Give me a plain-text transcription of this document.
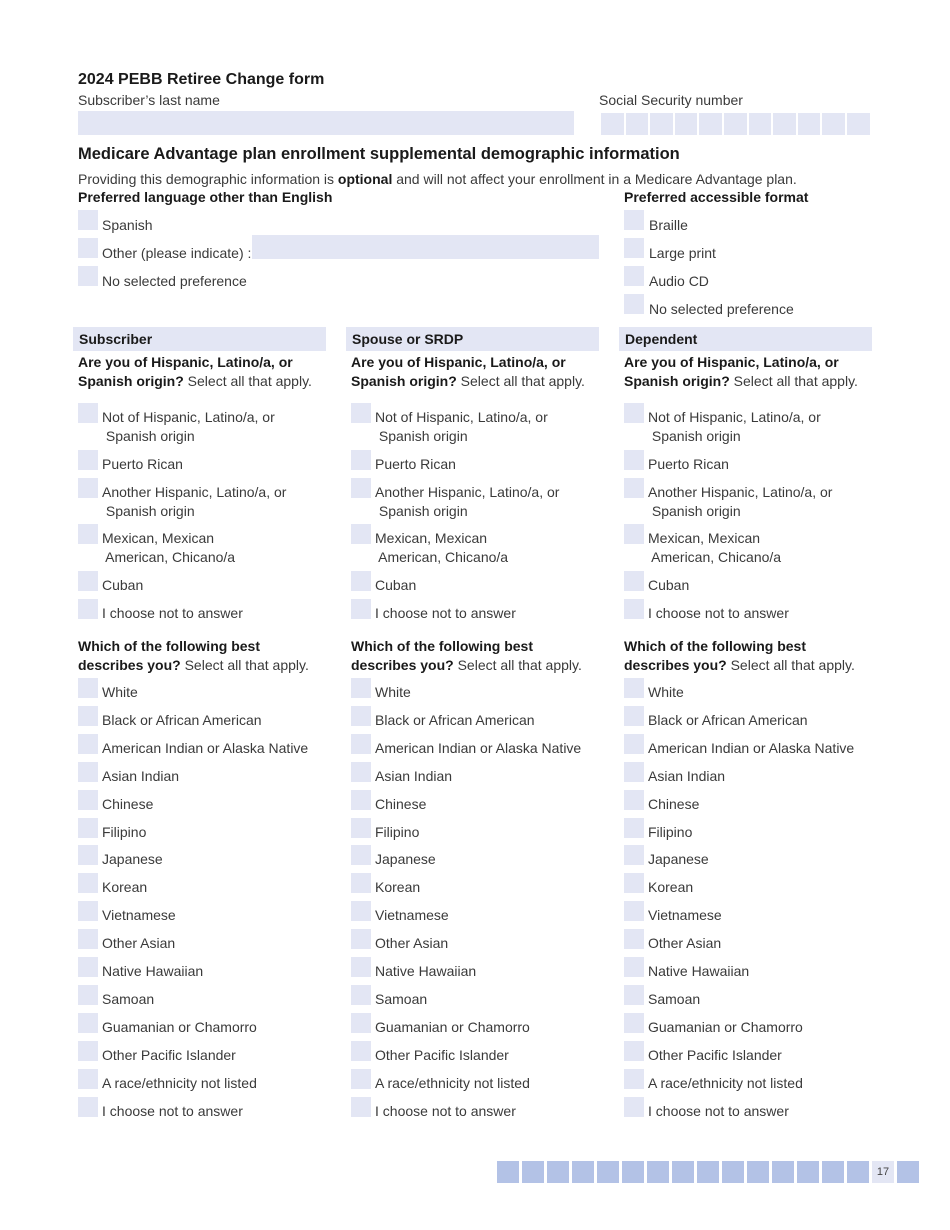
2024 PEBB Retiree Change form
Subscriber’s last name	Social Security number
Medicare Advantage plan enrollment supplemental demographic information
Providing this demographic information is optional and will not affect your enrollment in a Medicare Advantage plan.
Preferred language other than English	Preferred accessible format
Spanish
Other (please indicate) :
No selected preference
Braille
Large print
Audio CD
No selected preference
Subscriber
Are you of Hispanic, Latino/a, or Spanish origin? Select all that apply.
Not of Hispanic, Latino/a, or
Spanish origin
Puerto Rican
Another Hispanic, Latino/a, or
Spanish origin
Mexican, Mexican
American, Chicano/a
Cuban
I choose not to answer
Which of the following best describes you? Select all that apply.
White
Black or African American
American Indian or Alaska Native
Asian Indian
Chinese
Filipino
Japanese
Korean
Vietnamese
Other Asian
Native Hawaiian
Samoan
Guamanian or Chamorro
Other Pacific Islander
A race/ethnicity not listed
I choose not to answer
Spouse or SRDP
Are you of Hispanic, Latino/a, or Spanish origin? Select all that apply.
Not of Hispanic, Latino/a, or
Spanish origin
Puerto Rican
Another Hispanic, Latino/a, or
Spanish origin
Mexican, Mexican
American, Chicano/a
Cuban
I choose not to answer
Which of the following best describes you? Select all that apply.
White
Black or African American
American Indian or Alaska Native
Asian Indian
Chinese
Filipino
Japanese
Korean
Vietnamese
Other Asian
Native Hawaiian
Samoan
Guamanian or Chamorro
Other Pacific Islander
A race/ethnicity not listed
I choose not to answer
Dependent
Are you of Hispanic, Latino/a, or Spanish origin? Select all that apply.
Not of Hispanic, Latino/a, or
Spanish origin
Puerto Rican
Another Hispanic, Latino/a, or
Spanish origin
Mexican, Mexican
American, Chicano/a
Cuban
I choose not to answer
Which of the following best describes you? Select all that apply.
White
Black or African American
American Indian or Alaska Native
Asian Indian
Chinese
Filipino
Japanese
Korean
Vietnamese
Other Asian
Native Hawaiian
Samoan
Guamanian or Chamorro
Other Pacific Islander
A race/ethnicity not listed
I choose not to answer
17
